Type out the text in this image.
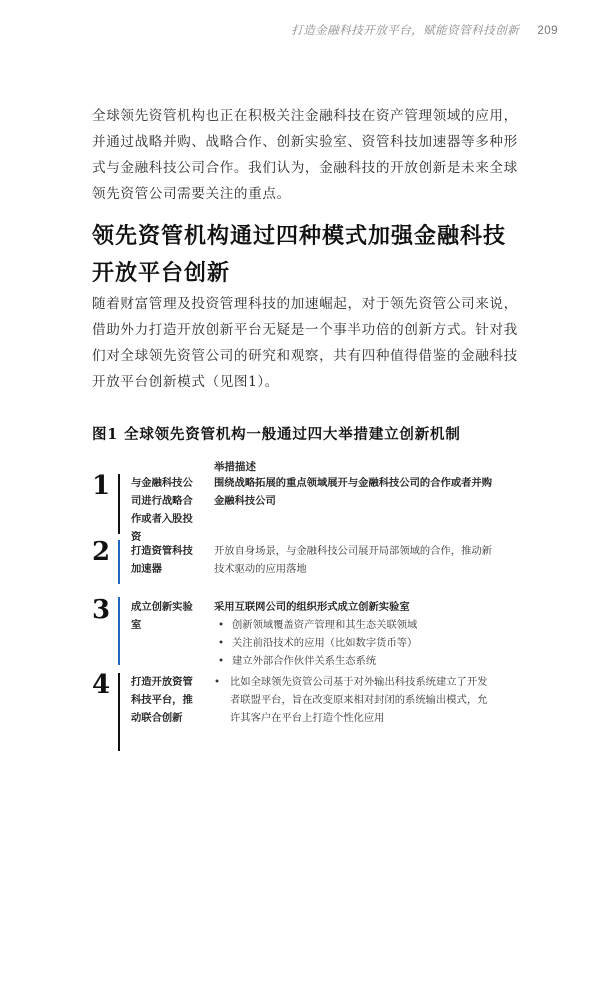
打造金融科技开放平台，赋能资管科技创新 209
全球领先资管机构也正在积极关注金融科技在资产管理领域的应用，并通过战略并购、战略合作、创新实验室、资管科技加速器等多种形式与金融科技公司合作。我们认为，金融科技的开放创新是未来全球领先资管公司需要关注的重点。
领先资管机构通过四种模式加强金融科技开放平台创新
随着财富管理及投资管理科技的加速崛起，对于领先资管公司来说，借助外力打造开放创新平台无疑是一个事半功倍的创新方式。针对我们对全球领先资管公司的研究和观察，共有四种值得借鉴的金融科技开放平台创新模式（见图1）。
图1 全球领先资管机构一般通过四大举措建立创新机制
举措描述
1 与金融科技公司进行战略合作或者入股投资
围绕战略拓展的重点领域展开与金融科技公司的合作或者并购金融科技公司
2 打造资管科技加速器
开放自身场景，与金融科技公司展开局部领域的合作，推动新技术驱动的应用落地
3 成立创新实验室
采用互联网公司的组织形式成立创新实验室
• 创新领域覆盖资产管理和其生态关联领域
• 关注前沿技术的应用（比如数字货币等）
• 建立外部合作伙伴关系生态系统
4 打造开放资管科技平台，推动联合创新
• 比如全球领先资管公司基于对外输出科技系统建立了开发者联盟平台，旨在改变原来相对封闭的系统输出模式，允许其客户在平台上打造个性化应用
